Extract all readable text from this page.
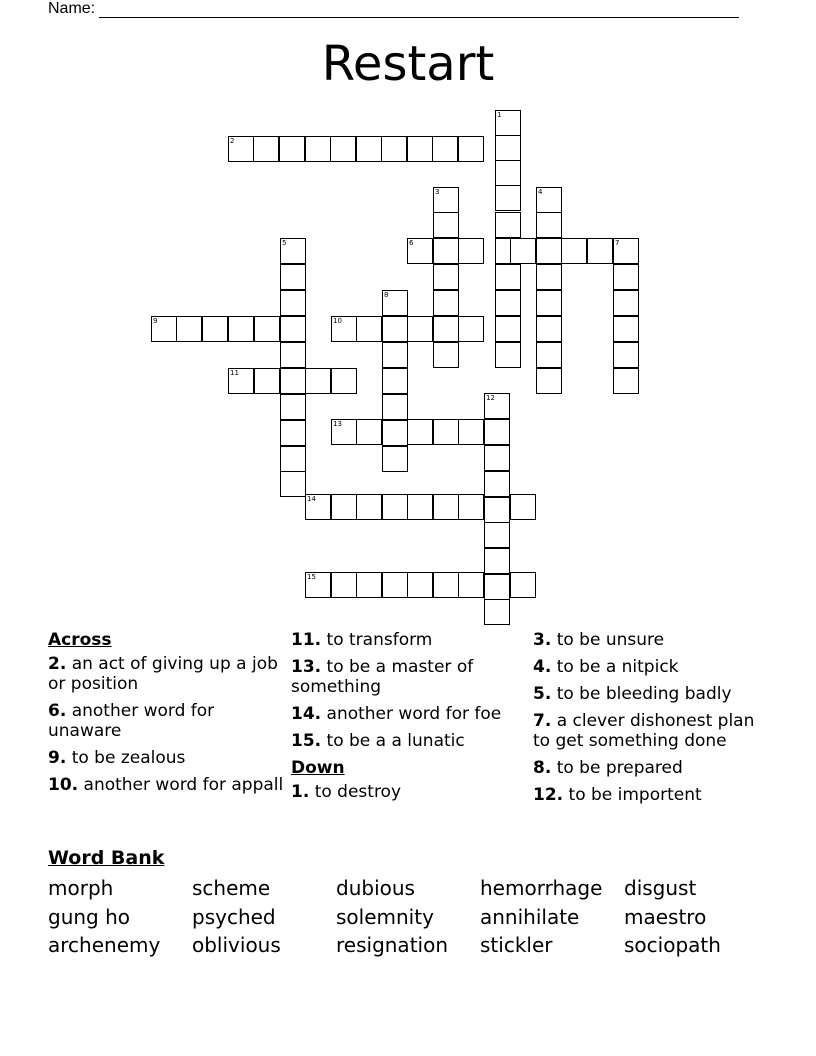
Name:
Restart
1
2
3	4
5	6	7
8
9	10
11
12
13
14
15
Across
2. an act of giving up a job or position
6. another word for unaware
9. to be zealous
10. another word for appall
11. to transform
13. to be a master of something
14. another word for foe
15. to be a a lunatic
Down
1. to destroy
3. to be unsure
4. to be a nitpick
5. to be bleeding badly
7. a clever dishonest plan to get something done
8. to be prepared
12. to be importent
Word Bank
morph	scheme	dubious	hemorrhage	disgust
gung ho	psyched	solemnity	annihilate	maestro
archenemy	oblivious	resignation	stickler	sociopath
